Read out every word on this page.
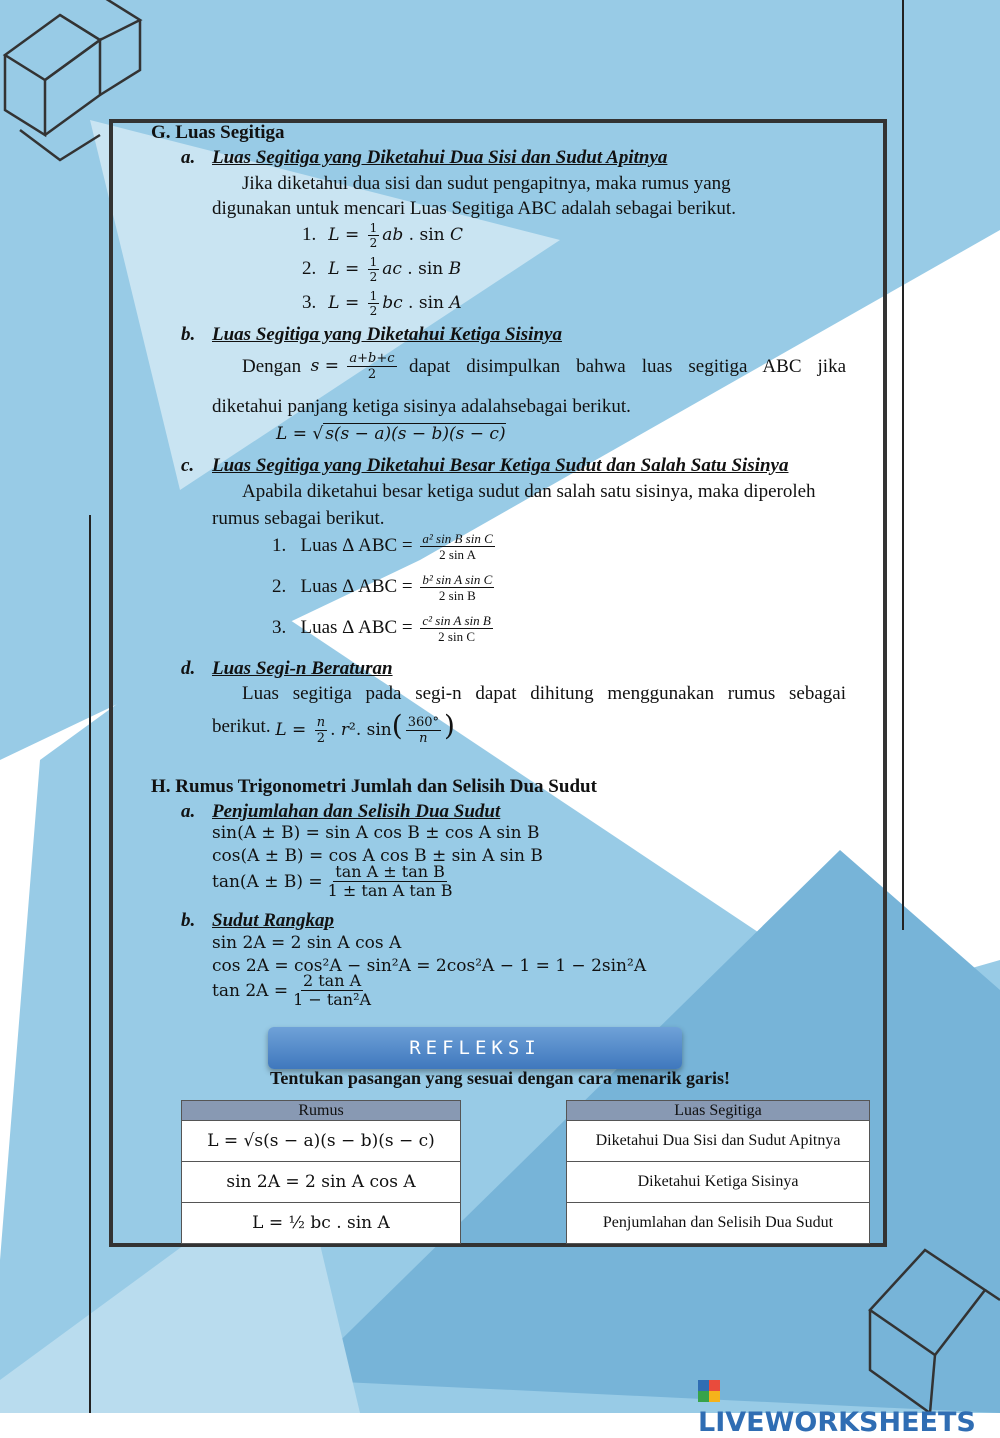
G. Luas Segitiga
a. Luas Segitiga yang Diketahui Dua Sisi dan Sudut Apitnya
Jika diketahui dua sisi dan sudut pengapitnya, maka rumus yang
digunakan untuk mencari Luas Segitiga ABC adalah sebagai berikut.
1. $L = \frac{1}{2}$ ab . sin C
2. $L = \frac{1}{2}$ ac . sin B
3. $L = \frac{1}{2}$ bc . sin A
b. Luas Segitiga yang Diketahui Ketiga Sisinya
Dengan
$s = \frac{a+b+c}{2}$
dapat disimpulkan bahwa luas segitiga ABC jika
diketahui panjang ketiga sisinya adalahsebagai berikut.
L = √ s(s − a)(s − b)(s − c)
c. Luas Segitiga yang Diketahui Besar Ketiga Sudut dan Salah Satu Sisinya
Apabila diketahui besar ketiga sudut dan salah satu sisinya, maka diperoleh
rumus sebagai berikut.
1. Luas Δ ABC = $\frac{\text{a² sin B sin C}}{\text{2 sin A}}$
2. Luas Δ ABC = $\frac{\text{b² sin A sin C}}{\text{2 sin B}}$
3. Luas Δ ABC = $\frac{\text{c² sin A sin B}}{\text{2 sin C}}$
d. Luas Segi-n Beraturan
Luas segitiga pada segi-n dapat dihitung menggunakan rumus sebagai
berikut.
$L = \frac{n}{2}$ . r². $\sin( \frac{360^\circ}{n}$ )
H. Rumus Trigonometri Jumlah dan Selisih Dua Sudut
a. Penjumlahan dan Selisih Dua Sudut
sin(A ± B) = sin A cos B ± cos A sin B
cos(A ± B) = cos A cos B ± sin A sin B
$\tan(A \pm B) = \frac{\text{tan A ± tan B}}{\text{1 ± tan A tan B}}$
b. Sudut Rangkap
sin 2A = 2 sin A cos A
cos 2A = cos²A − sin²A = 2cos²A − 1 = 1 − 2sin²A
$\tan 2A = \frac{\text{2 tan A}}{\text{1 − tan²A}}$
REFLEKSI
Tentukan pasangan yang sesuai dengan cara menarik garis!
Rumus
L = √s(s − a)(s − b)(s − c)
sin 2A = 2 sin A cos A
L = ½ bc . sin A
Luas Segitiga
Diketahui Dua Sisi dan Sudut Apitnya
Diketahui Ketiga Sisinya
Penjumlahan dan Selisih Dua Sudut
LIVEWORKSHEETS
